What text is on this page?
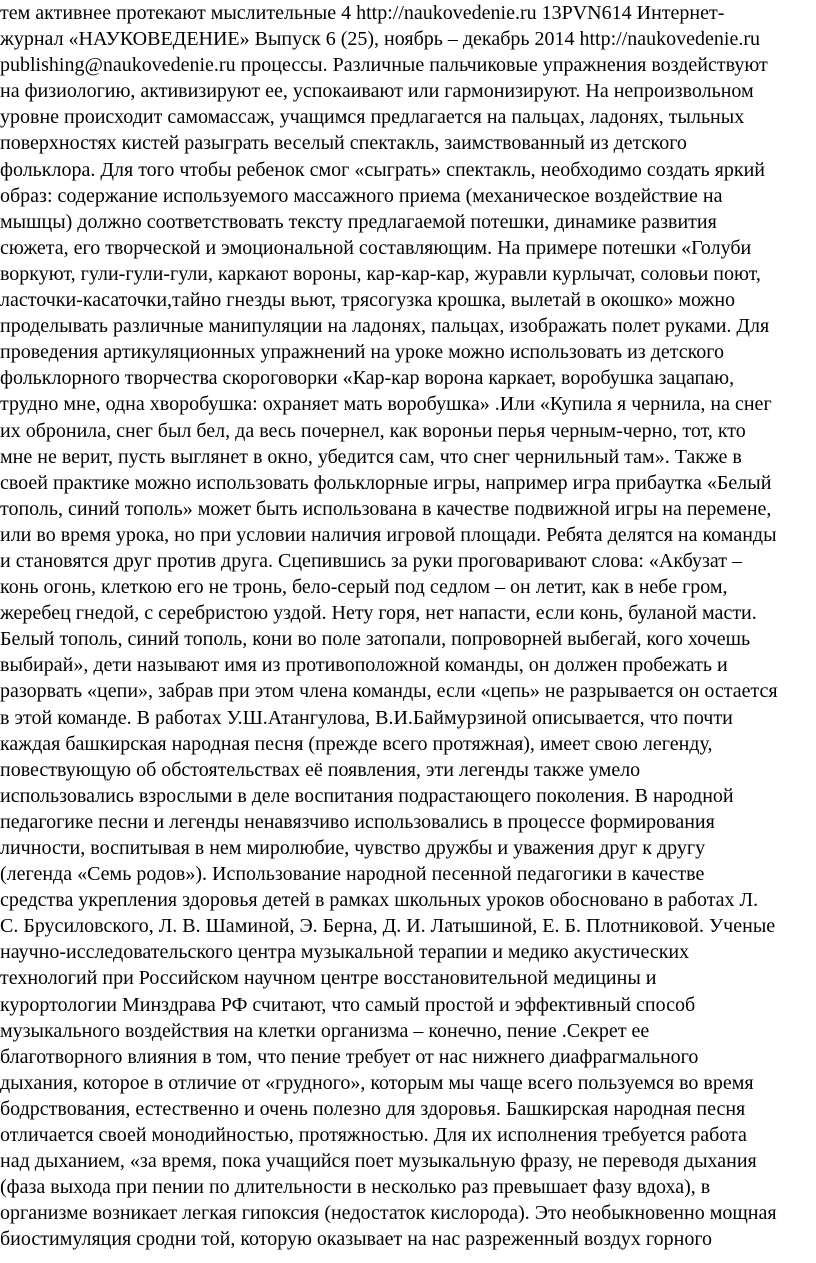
тем активнее протекают мыслительные 4 http://naukovedenie.ru 13PVN614 Интернет-
журнал «НАУКОВЕДЕНИЕ» Выпуск 6 (25), ноябрь – декабрь 2014 http://naukovedenie.ru
publishing@naukovedenie.ru процессы. Различные пальчиковые упражнения воздействуют
на физиологию, активизируют ее, успокаивают или гармонизируют. На непроизвольном
уровне происходит самомассаж, учащимся предлагается на пальцах, ладонях, тыльных
поверхностях кистей разыграть веселый спектакль, заимствованный из детского
фольклора. Для того чтобы ребенок смог «сыграть» спектакль, необходимо создать яркий
образ: содержание используемого массажного приема (механическое воздействие на
мышцы) должно соответствовать тексту предлагаемой потешки, динамике развития
сюжета, его творческой и эмоциональной составляющим. На примере потешки «Голуби
воркуют, гули-гули-гули, каркают вороны, кар-кар-кар, журавли курлычат, соловьи поют,
ласточки-касаточки,тайно гнезды вьют, трясогузка крошка, вылетай в окошко» можно
проделывать различные манипуляции на ладонях, пальцах, изображать полет руками. Для
проведения артикуляционных упражнений на уроке можно использовать из детского
фольклорного творчества скороговорки «Кар-кар ворона каркает, воробушка зацапаю,
трудно мне, одна хворобушка: охраняет мать воробушка» .Или «Купила я чернила, на снег
их обронила, снег был бел, да весь почернел, как вороньи перья черным-черно, тот, кто
мне не верит, пусть выглянет в окно, убедится сам, что снег чернильный там». Также в
своей практике можно использовать фольклорные игры, например игра прибаутка «Белый
тополь, синий тополь» может быть использована в качестве подвижной игры на перемене,
или во время урока, но при условии наличия игровой площади. Ребята делятся на команды
и становятся друг против друга. Сцепившись за руки проговаривают слова: «Акбузат –
конь огонь, клеткою его не тронь, бело-серый под седлом – он летит, как в небе гром,
жеребец гнедой, с серебристою уздой. Нету горя, нет напасти, если конь, буланой масти.
Белый тополь, синий тополь, кони во поле затопали, попроворней выбегай, кого хочешь
выбирай», дети называют имя из противоположной команды, он должен пробежать и
разорвать «цепи», забрав при этом члена команды, если «цепь» не разрывается он остается
в этой команде. В работах У.Ш.Атангулова, В.И.Баймурзиной описывается, что почти
каждая башкирская народная песня (прежде всего протяжная), имеет свою легенду,
повествующую об обстоятельствах её появления, эти легенды также умело
использовались взрослыми в деле воспитания подрастающего поколения. В народной
педагогике песни и легенды ненавязчиво использовались в процессе формирования
личности, воспитывая в нем миролюбие, чувство дружбы и уважения друг к другу
(легенда «Семь родов»). Использование народной песенной педагогики в качестве
средства укрепления здоровья детей в рамках школьных уроков обосновано в работах Л.
С. Брусиловского, Л. В. Шаминой, Э. Берна, Д. И. Латышиной, Е. Б. Плотниковой. Ученые
научно-исследовательского центра музыкальной терапии и медико акустических
технологий при Российском научном центре восстановительной медицины и
курортологии Минздрава РФ считают, что самый простой и эффективный способ
музыкального воздействия на клетки организма – конечно, пение .Секрет ее
благотворного влияния в том, что пение требует от нас нижнего диафрагмального
дыхания, которое в отличие от «грудного», которым мы чаще всего пользуемся во время
бодрствования, естественно и очень полезно для здоровья. Башкирская народная песня
отличается своей монодийностью, протяжностью. Для их исполнения требуется работа
над дыханием, «за время, пока учащийся поет музыкальную фразу, не переводя дыхания
(фаза выхода при пении по длительности в несколько раз превышает фазу вдоха), в
организме возникает легкая гипоксия (недостаток кислорода). Это необыкновенно мощная
биостимуляция сродни той, которую оказывает на нас разреженный воздух горного
